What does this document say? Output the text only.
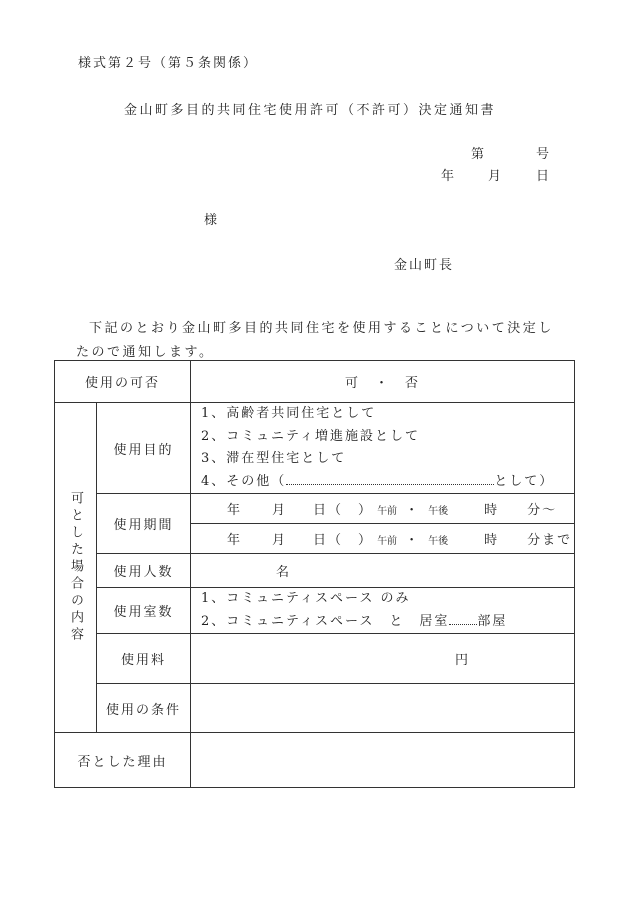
様式第２号（第５条関係）
金山町多目的共同住宅使用許可（不許可）決定通知書
第	号
年 月	日
様
金山町長
下記のとおり金山町多目的共同住宅を使用することについて決定したので通知します。
使用の可否		可　・　否

可とした場合の内容	使用目的	1、高齢者共同住宅として
2、コミュニティ増進施設として
3、滞在型住宅として
4、その他（ として）

	使用期間	年 月 日（　） 午前 ・ 午後 時 分～
		年 月 日（　） 午前 ・ 午後 時 分まで
	使用人数	名
	使用室数	1、コミュニティスペース のみ
2、コミュニティスペース　と　居室 部屋

	使用料	円
	使用の条件	
否とした理由		
